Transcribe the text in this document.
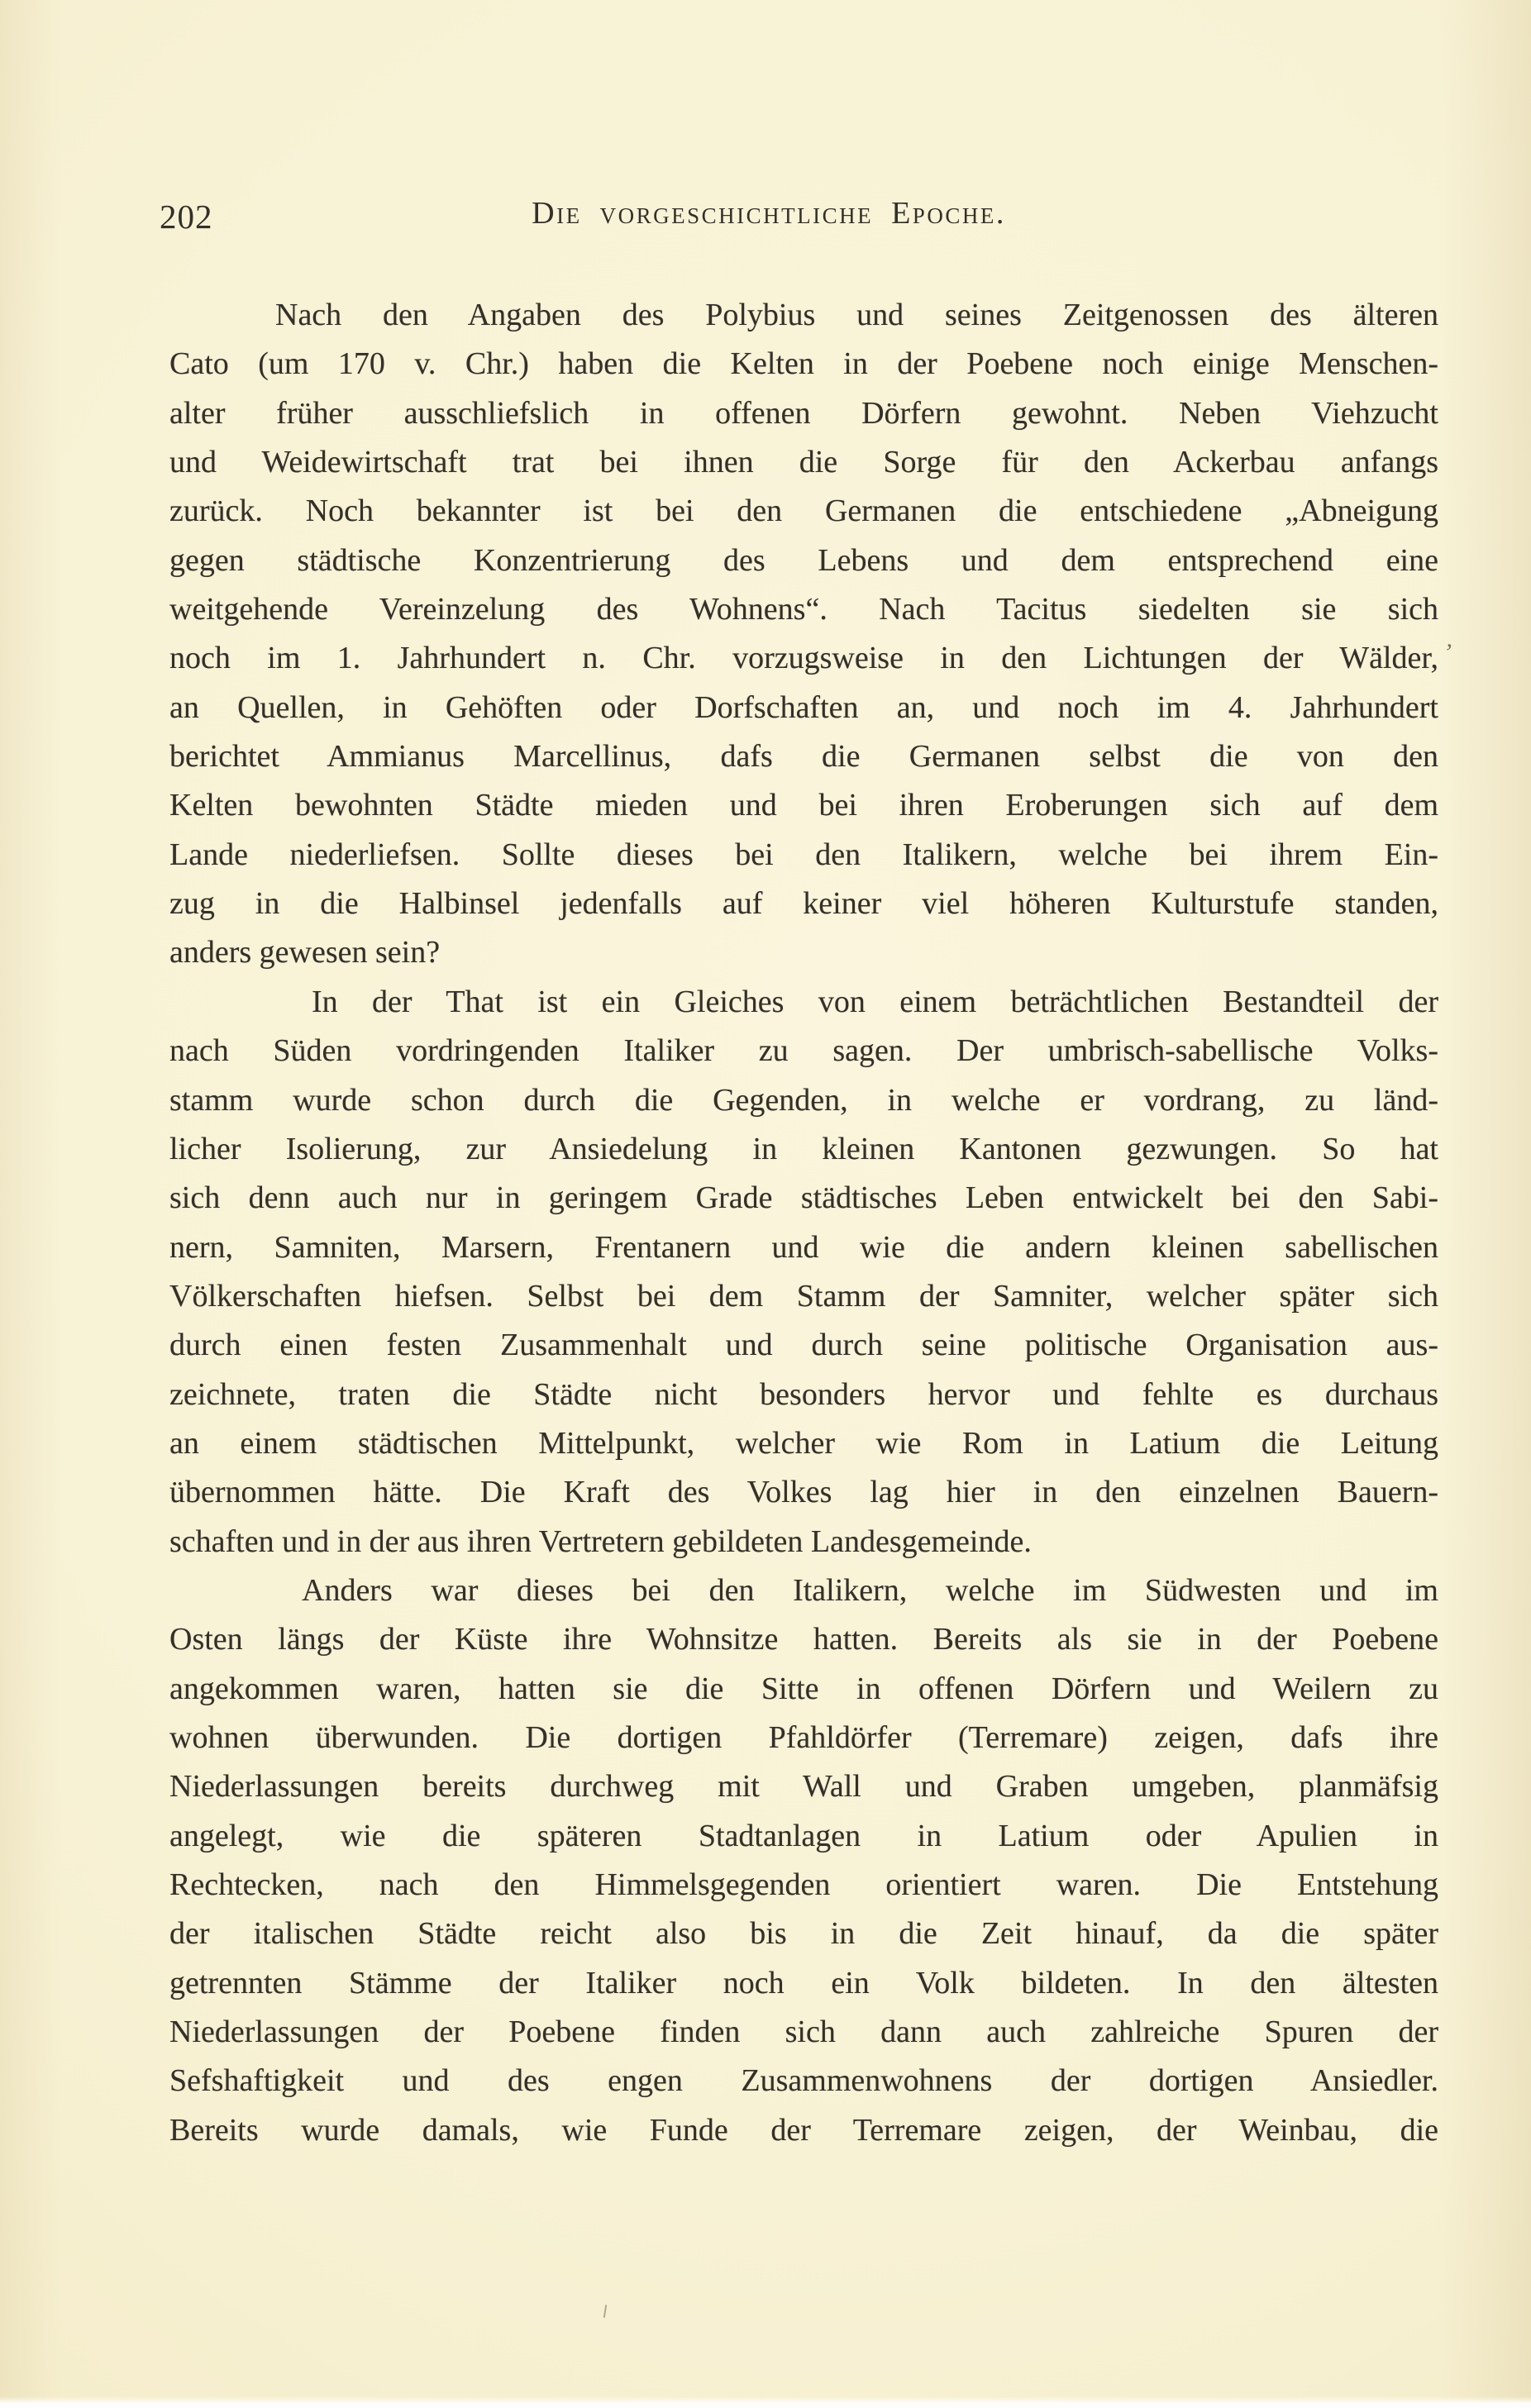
202	Die vorgeschichtliche Epoche.
Nach den Angaben des Polybius und seines Zeitgenossen des älteren
Cato (um 170 v. Chr.) haben die Kelten in der Poebene noch einige Menschen-
alter früher ausschliefslich in offenen Dörfern gewohnt. Neben Viehzucht
und Weidewirtschaft trat bei ihnen die Sorge für den Ackerbau anfangs
zurück. Noch bekannter ist bei den Germanen die entschiedene „Abneigung
gegen städtische Konzentrierung des Lebens und dem entsprechend eine
weitgehende Vereinzelung des Wohnens“. Nach Tacitus siedelten sie sich
noch im 1. Jahrhundert n. Chr. vorzugsweise in den Lichtungen der Wälder,
an Quellen, in Gehöften oder Dorfschaften an, und noch im 4. Jahrhundert
berichtet Ammianus Marcellinus, dafs die Germanen selbst die von den
Kelten bewohnten Städte mieden und bei ihren Eroberungen sich auf dem
Lande niederliefsen. Sollte dieses bei den Italikern, welche bei ihrem Ein-
zug in die Halbinsel jedenfalls auf keiner viel höheren Kulturstufe standen,
anders gewesen sein?
In der That ist ein Gleiches von einem beträchtlichen Bestandteil der
nach Süden vordringenden Italiker zu sagen. Der umbrisch-sabellische Volks-
stamm wurde schon durch die Gegenden, in welche er vordrang, zu länd-
licher Isolierung, zur Ansiedelung in kleinen Kantonen gezwungen. So hat
sich denn auch nur in geringem Grade städtisches Leben entwickelt bei den Sabi-
nern, Samniten, Marsern, Frentanern und wie die andern kleinen sabellischen
Völkerschaften hiefsen. Selbst bei dem Stamm der Samniter, welcher später sich
durch einen festen Zusammenhalt und durch seine politische Organisation aus-
zeichnete, traten die Städte nicht besonders hervor und fehlte es durchaus
an einem städtischen Mittelpunkt, welcher wie Rom in Latium die Leitung
übernommen hätte. Die Kraft des Volkes lag hier in den einzelnen Bauern-
schaften und in der aus ihren Vertretern gebildeten Landesgemeinde.
Anders war dieses bei den Italikern, welche im Südwesten und im
Osten längs der Küste ihre Wohnsitze hatten. Bereits als sie in der Poebene
angekommen waren, hatten sie die Sitte in offenen Dörfern und Weilern zu
wohnen überwunden. Die dortigen Pfahldörfer (Terremare) zeigen, dafs ihre
Niederlassungen bereits durchweg mit Wall und Graben umgeben, planmäfsig
angelegt, wie die späteren Stadtanlagen in Latium oder Apulien in
Rechtecken, nach den Himmelsgegenden orientiert waren. Die Entstehung
der italischen Städte reicht also bis in die Zeit hinauf, da die später
getrennten Stämme der Italiker noch ein Volk bildeten. In den ältesten
Niederlassungen der Poebene finden sich dann auch zahlreiche Spuren der
Sefshaftigkeit und des engen Zusammenwohnens der dortigen Ansiedler.
Bereits wurde damals, wie Funde der Terremare zeigen, der Weinbau, die
ʼ
